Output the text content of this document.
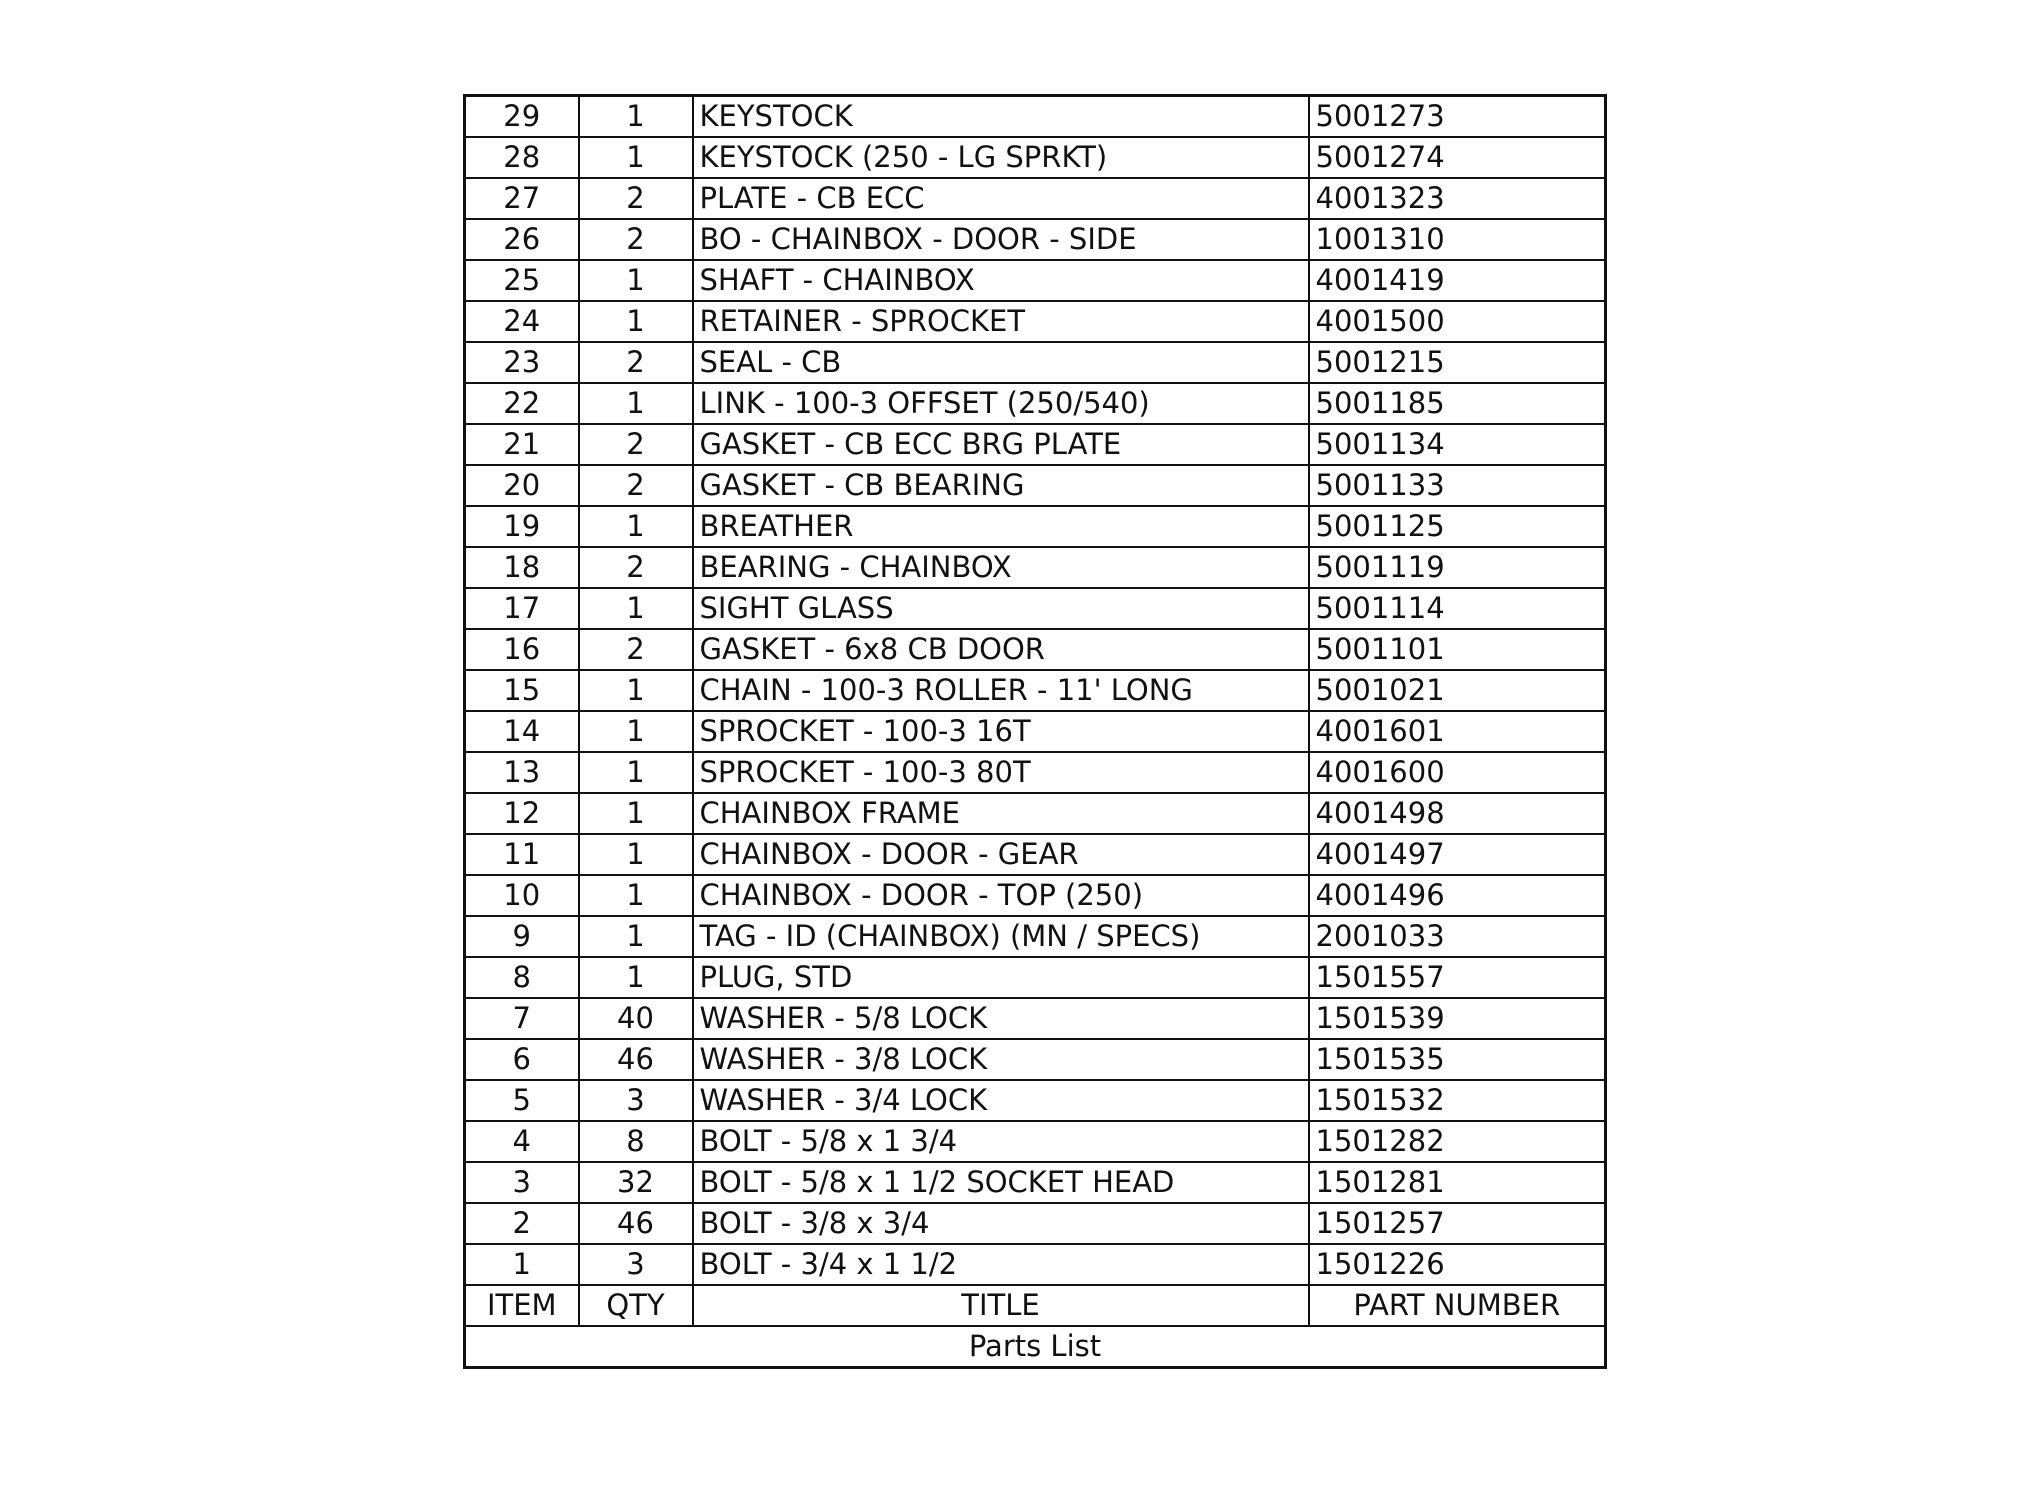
29	1	KEYSTOCK	5001273
28	1	KEYSTOCK (250 - LG SPRKT)	5001274
27	2	PLATE - CB ECC	4001323
26	2	BO - CHAINBOX - DOOR - SIDE	1001310
25	1	SHAFT - CHAINBOX	4001419
24	1	RETAINER - SPROCKET	4001500
23	2	SEAL - CB	5001215
22	1	LINK - 100-3 OFFSET (250/540)	5001185
21	2	GASKET - CB ECC BRG PLATE	5001134
20	2	GASKET - CB BEARING	5001133
19	1	BREATHER	5001125
18	2	BEARING - CHAINBOX	5001119
17	1	SIGHT GLASS	5001114
16	2	GASKET - 6x8 CB DOOR	5001101
15	1	CHAIN - 100-3 ROLLER - 11' LONG	5001021
14	1	SPROCKET - 100-3 16T	4001601
13	1	SPROCKET - 100-3 80T	4001600
12	1	CHAINBOX FRAME	4001498
11	1	CHAINBOX - DOOR - GEAR	4001497
10	1	CHAINBOX - DOOR - TOP (250)	4001496
9	1	TAG - ID (CHAINBOX) (MN / SPECS)	2001033
8	1	PLUG, STD	1501557
7	40	WASHER - 5/8 LOCK	1501539
6	46	WASHER - 3/8 LOCK	1501535
5	3	WASHER - 3/4 LOCK	1501532
4	8	BOLT - 5/8 x 1 3/4	1501282
3	32	BOLT - 5/8 x 1 1/2 SOCKET HEAD	1501281
2	46	BOLT - 3/8 x 3/4	1501257
1	3	BOLT - 3/4 x 1 1/2	1501226
ITEM	QTY	TITLE	PART NUMBER
Parts List			
